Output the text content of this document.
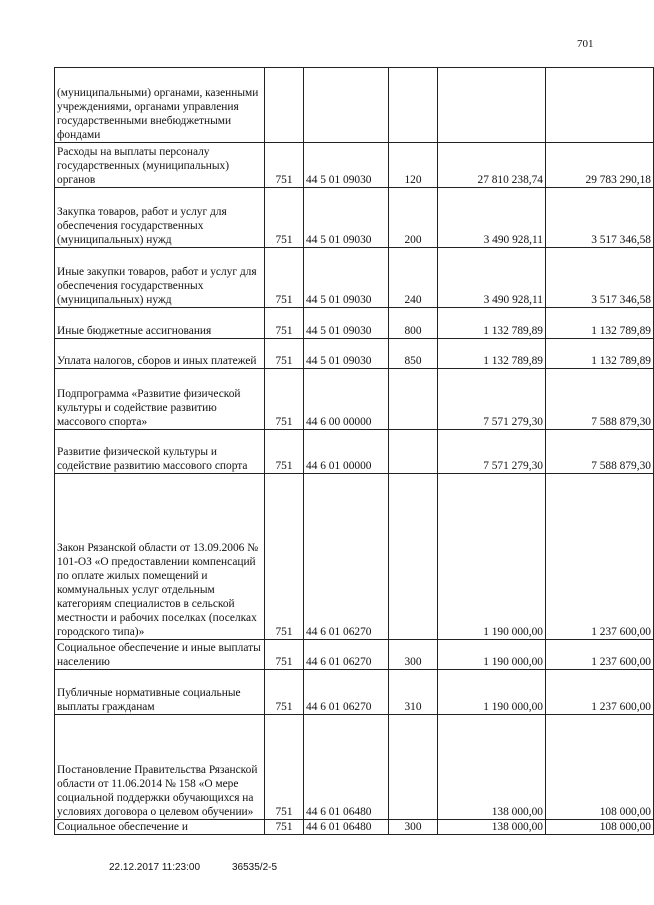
701
(муниципальными) органами, казенными учреждениями, органами управления государственными внебюджетными фондами					
Расходы на выплаты персоналу государственных (муниципальных) органов	751	44 5 01 09030	120	27 810 238,74	29 783 290,18
Закупка товаров, работ и услуг для обеспечения государственных (муниципальных) нужд	751	44 5 01 09030	200	3 490 928,11	3 517 346,58
Иные закупки товаров, работ и услуг для обеспечения государственных (муниципальных) нужд	751	44 5 01 09030	240	3 490 928,11	3 517 346,58
Иные бюджетные ассигнования	751	44 5 01 09030	800	1 132 789,89	1 132 789,89
Уплата налогов, сборов и иных платежей	751	44 5 01 09030	850	1 132 789,89	1 132 789,89
Подпрограмма «Развитие физической культуры и содействие развитию массового спорта»	751	44 6 00 00000		7 571 279,30	7 588 879,30
Развитие физической культуры и содействие развитию массового спорта	751	44 6 01 00000		7 571 279,30	7 588 879,30
Закон Рязанской области от 13.09.2006 № 101-ОЗ «О предоставлении компенсаций по оплате жилых помещений и коммунальных услуг отдельным категориям специалистов в сельской местности и рабочих поселках (поселках городского типа)»	751	44 6 01 06270		1 190 000,00	1 237 600,00
Социальное обеспечение и иные выплаты населению	751	44 6 01 06270	300	1 190 000,00	1 237 600,00
Публичные нормативные социальные выплаты гражданам	751	44 6 01 06270	310	1 190 000,00	1 237 600,00
Постановление Правительства Рязанской области от 11.06.2014 № 158 «О мере социальной поддержки обучающихся на условиях договора о целевом обучении»	751	44 6 01 06480		138 000,00	108 000,00
Социальное обеспечение и	751	44 6 01 06480	300	138 000,00	108 000,00
22.12.2017 11:23:00	36535/2-5
